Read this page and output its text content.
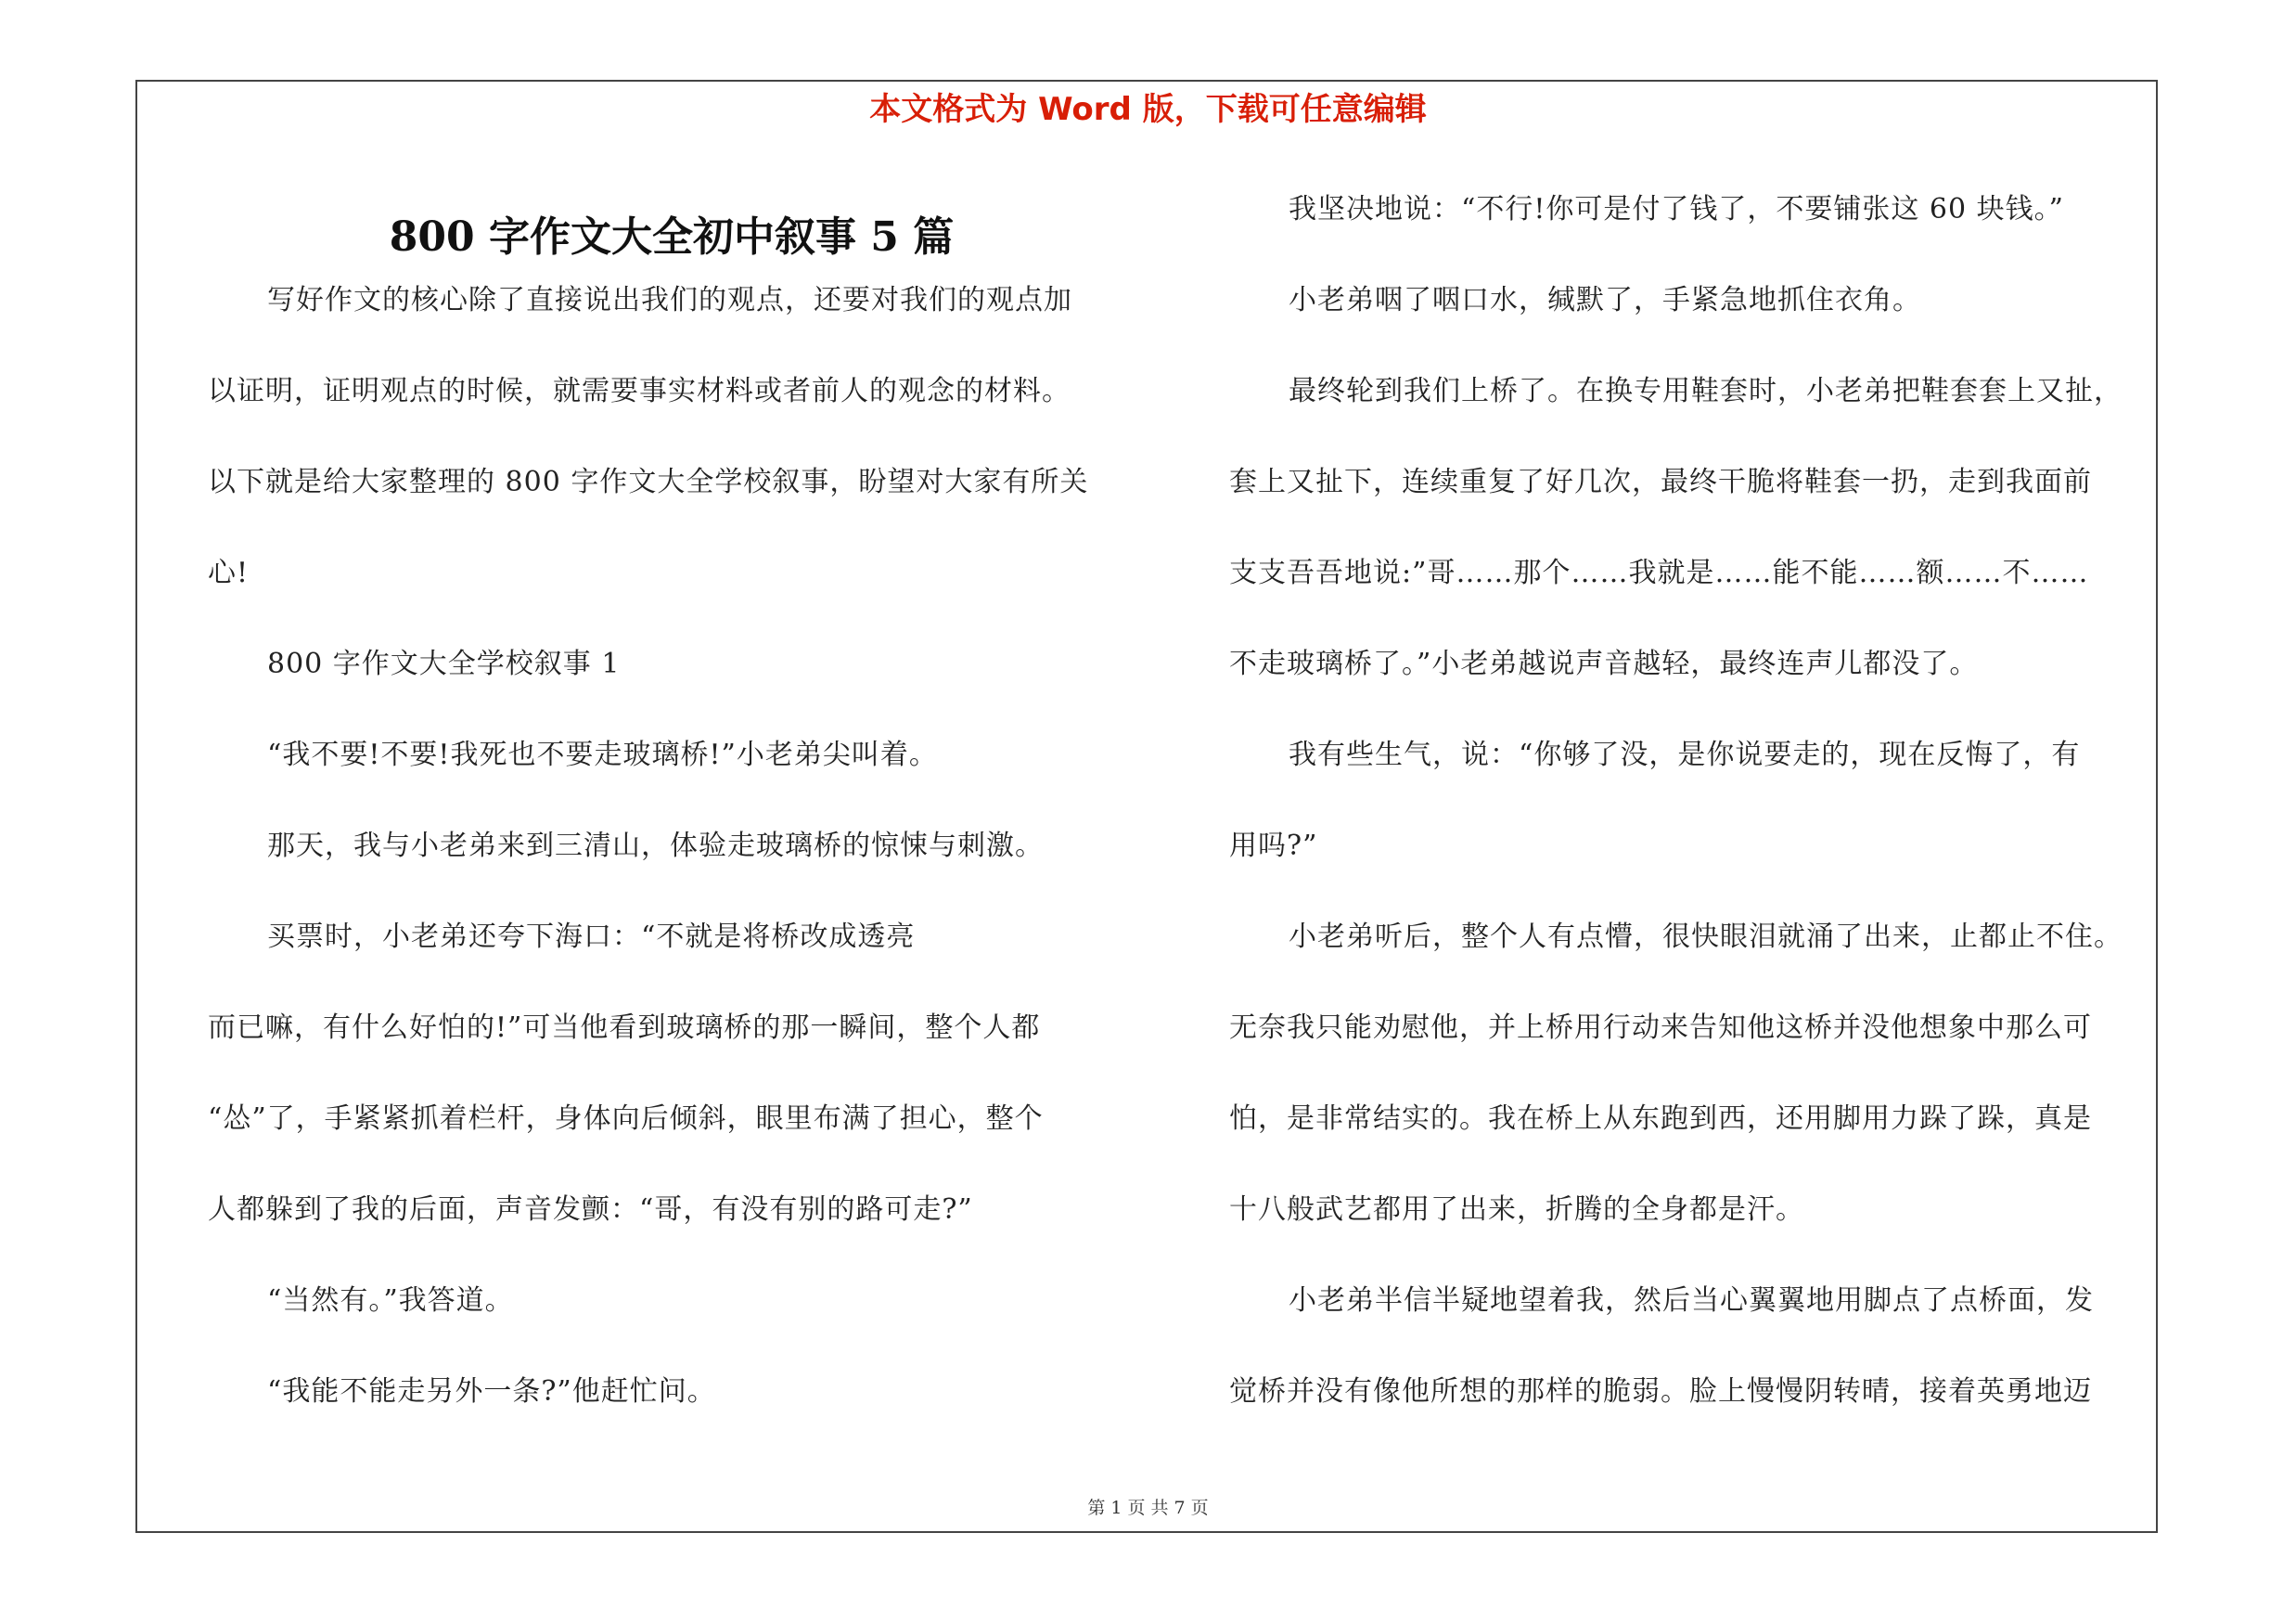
本文格式为 Word 版，下载可任意编辑
800 字作文大全初中叙事 5 篇
写好作文的核心除了直接说出我们的观点，还要对我们的观点加
以证明，证明观点的时候，就需要事实材料或者前人的观念的材料。
以下就是给大家整理的 800 字作文大全学校叙事，盼望对大家有所关
心!
800 字作文大全学校叙事 1
“我不要!不要!我死也不要走玻璃桥!”小老弟尖叫着。
那天，我与小老弟来到三清山，体验走玻璃桥的惊悚与刺激。
买票时，小老弟还夸下海口：“不就是将桥改成透亮
而已嘛，有什么好怕的!”可当他看到玻璃桥的那一瞬间，整个人都
“怂”了，手紧紧抓着栏杆，身体向后倾斜，眼里布满了担心，整个
人都躲到了我的后面，声音发颤：“哥，有没有别的路可走?”
“当然有。”我答道。
“我能不能走另外一条?”他赶忙问。
我坚决地说：“不行!你可是付了钱了，不要铺张这 60 块钱。”
小老弟咽了咽口水，缄默了，手紧急地抓住衣角。
最终轮到我们上桥了。在换专用鞋套时，小老弟把鞋套套上又扯，
套上又扯下，连续重复了好几次，最终干脆将鞋套一扔，走到我面前
支支吾吾地说:”哥……那个……我就是……能不能……额……不……
不走玻璃桥了。”小老弟越说声音越轻，最终连声儿都没了。
我有些生气，说：“你够了没，是你说要走的，现在反悔了，有
用吗?”
小老弟听后，整个人有点懵，很快眼泪就涌了出来，止都止不住。
无奈我只能劝慰他，并上桥用行动来告知他这桥并没他想象中那么可
怕，是非常结实的。我在桥上从东跑到西，还用脚用力跺了跺，真是
十八般武艺都用了出来，折腾的全身都是汗。
小老弟半信半疑地望着我，然后当心翼翼地用脚点了点桥面，发
觉桥并没有像他所想的那样的脆弱。脸上慢慢阴转晴，接着英勇地迈
第 1 页 共 7 页
